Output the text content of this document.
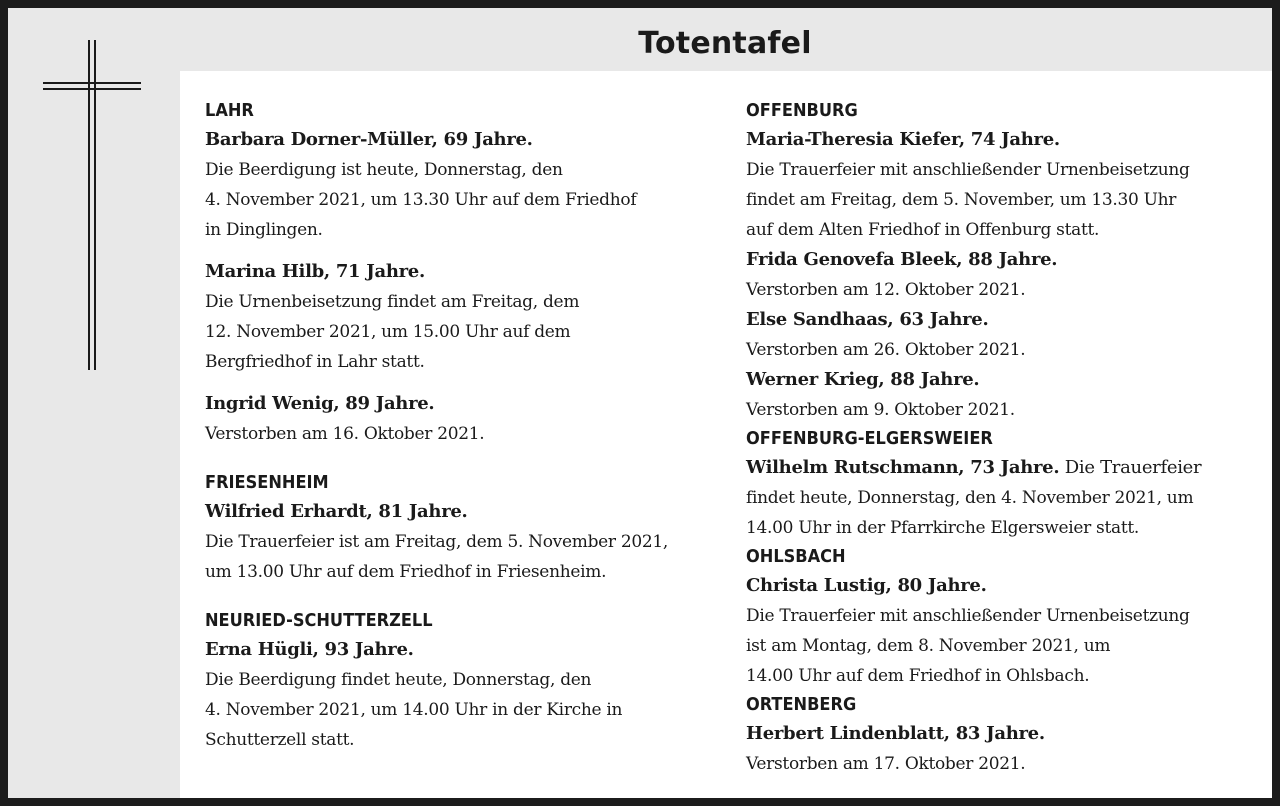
Totentafel
LAHR
Barbara Dorner-Müller, 69 Jahre.
Die Beerdigung ist heute, Donnerstag, den
4. November 2021, um 13.30 Uhr auf dem Friedhof
in Dinglingen.
Marina Hilb, 71 Jahre.
Die Urnenbeisetzung findet am Freitag, dem
12. November 2021, um 15.00 Uhr auf dem
Bergfriedhof in Lahr statt.
Ingrid Wenig, 89 Jahre.
Verstorben am 16. Oktober 2021.
FRIESENHEIM
Wilfried Erhardt, 81 Jahre.
Die Trauerfeier ist am Freitag, dem 5. November 2021,
um 13.00 Uhr auf dem Friedhof in Friesenheim.
NEURIED-SCHUTTERZELL
Erna Hügli, 93 Jahre.
Die Beerdigung findet heute, Donnerstag, den
4. November 2021, um 14.00 Uhr in der Kirche in
Schutterzell statt.
OFFENBURG
Maria-Theresia Kiefer, 74 Jahre.
Die Trauerfeier mit anschließender Urnenbeisetzung
findet am Freitag, dem 5. November, um 13.30 Uhr
auf dem Alten Friedhof in Offenburg statt.
Frida Genovefa Bleek, 88 Jahre.
Verstorben am 12. Oktober 2021.
Else Sandhaas, 63 Jahre.
Verstorben am 26. Oktober 2021.
Werner Krieg, 88 Jahre.
Verstorben am 9. Oktober 2021.
OFFENBURG-ELGERSWEIER
Wilhelm Rutschmann, 73 Jahre. Die Trauerfeier
findet heute, Donnerstag, den 4. November 2021, um
14.00 Uhr in der Pfarrkirche Elgersweier statt.
OHLSBACH
Christa Lustig, 80 Jahre.
Die Trauerfeier mit anschließender Urnenbeisetzung
ist am Montag, dem 8. November 2021, um
14.00 Uhr auf dem Friedhof in Ohlsbach.
ORTENBERG
Herbert Lindenblatt, 83 Jahre.
Verstorben am 17. Oktober 2021.
